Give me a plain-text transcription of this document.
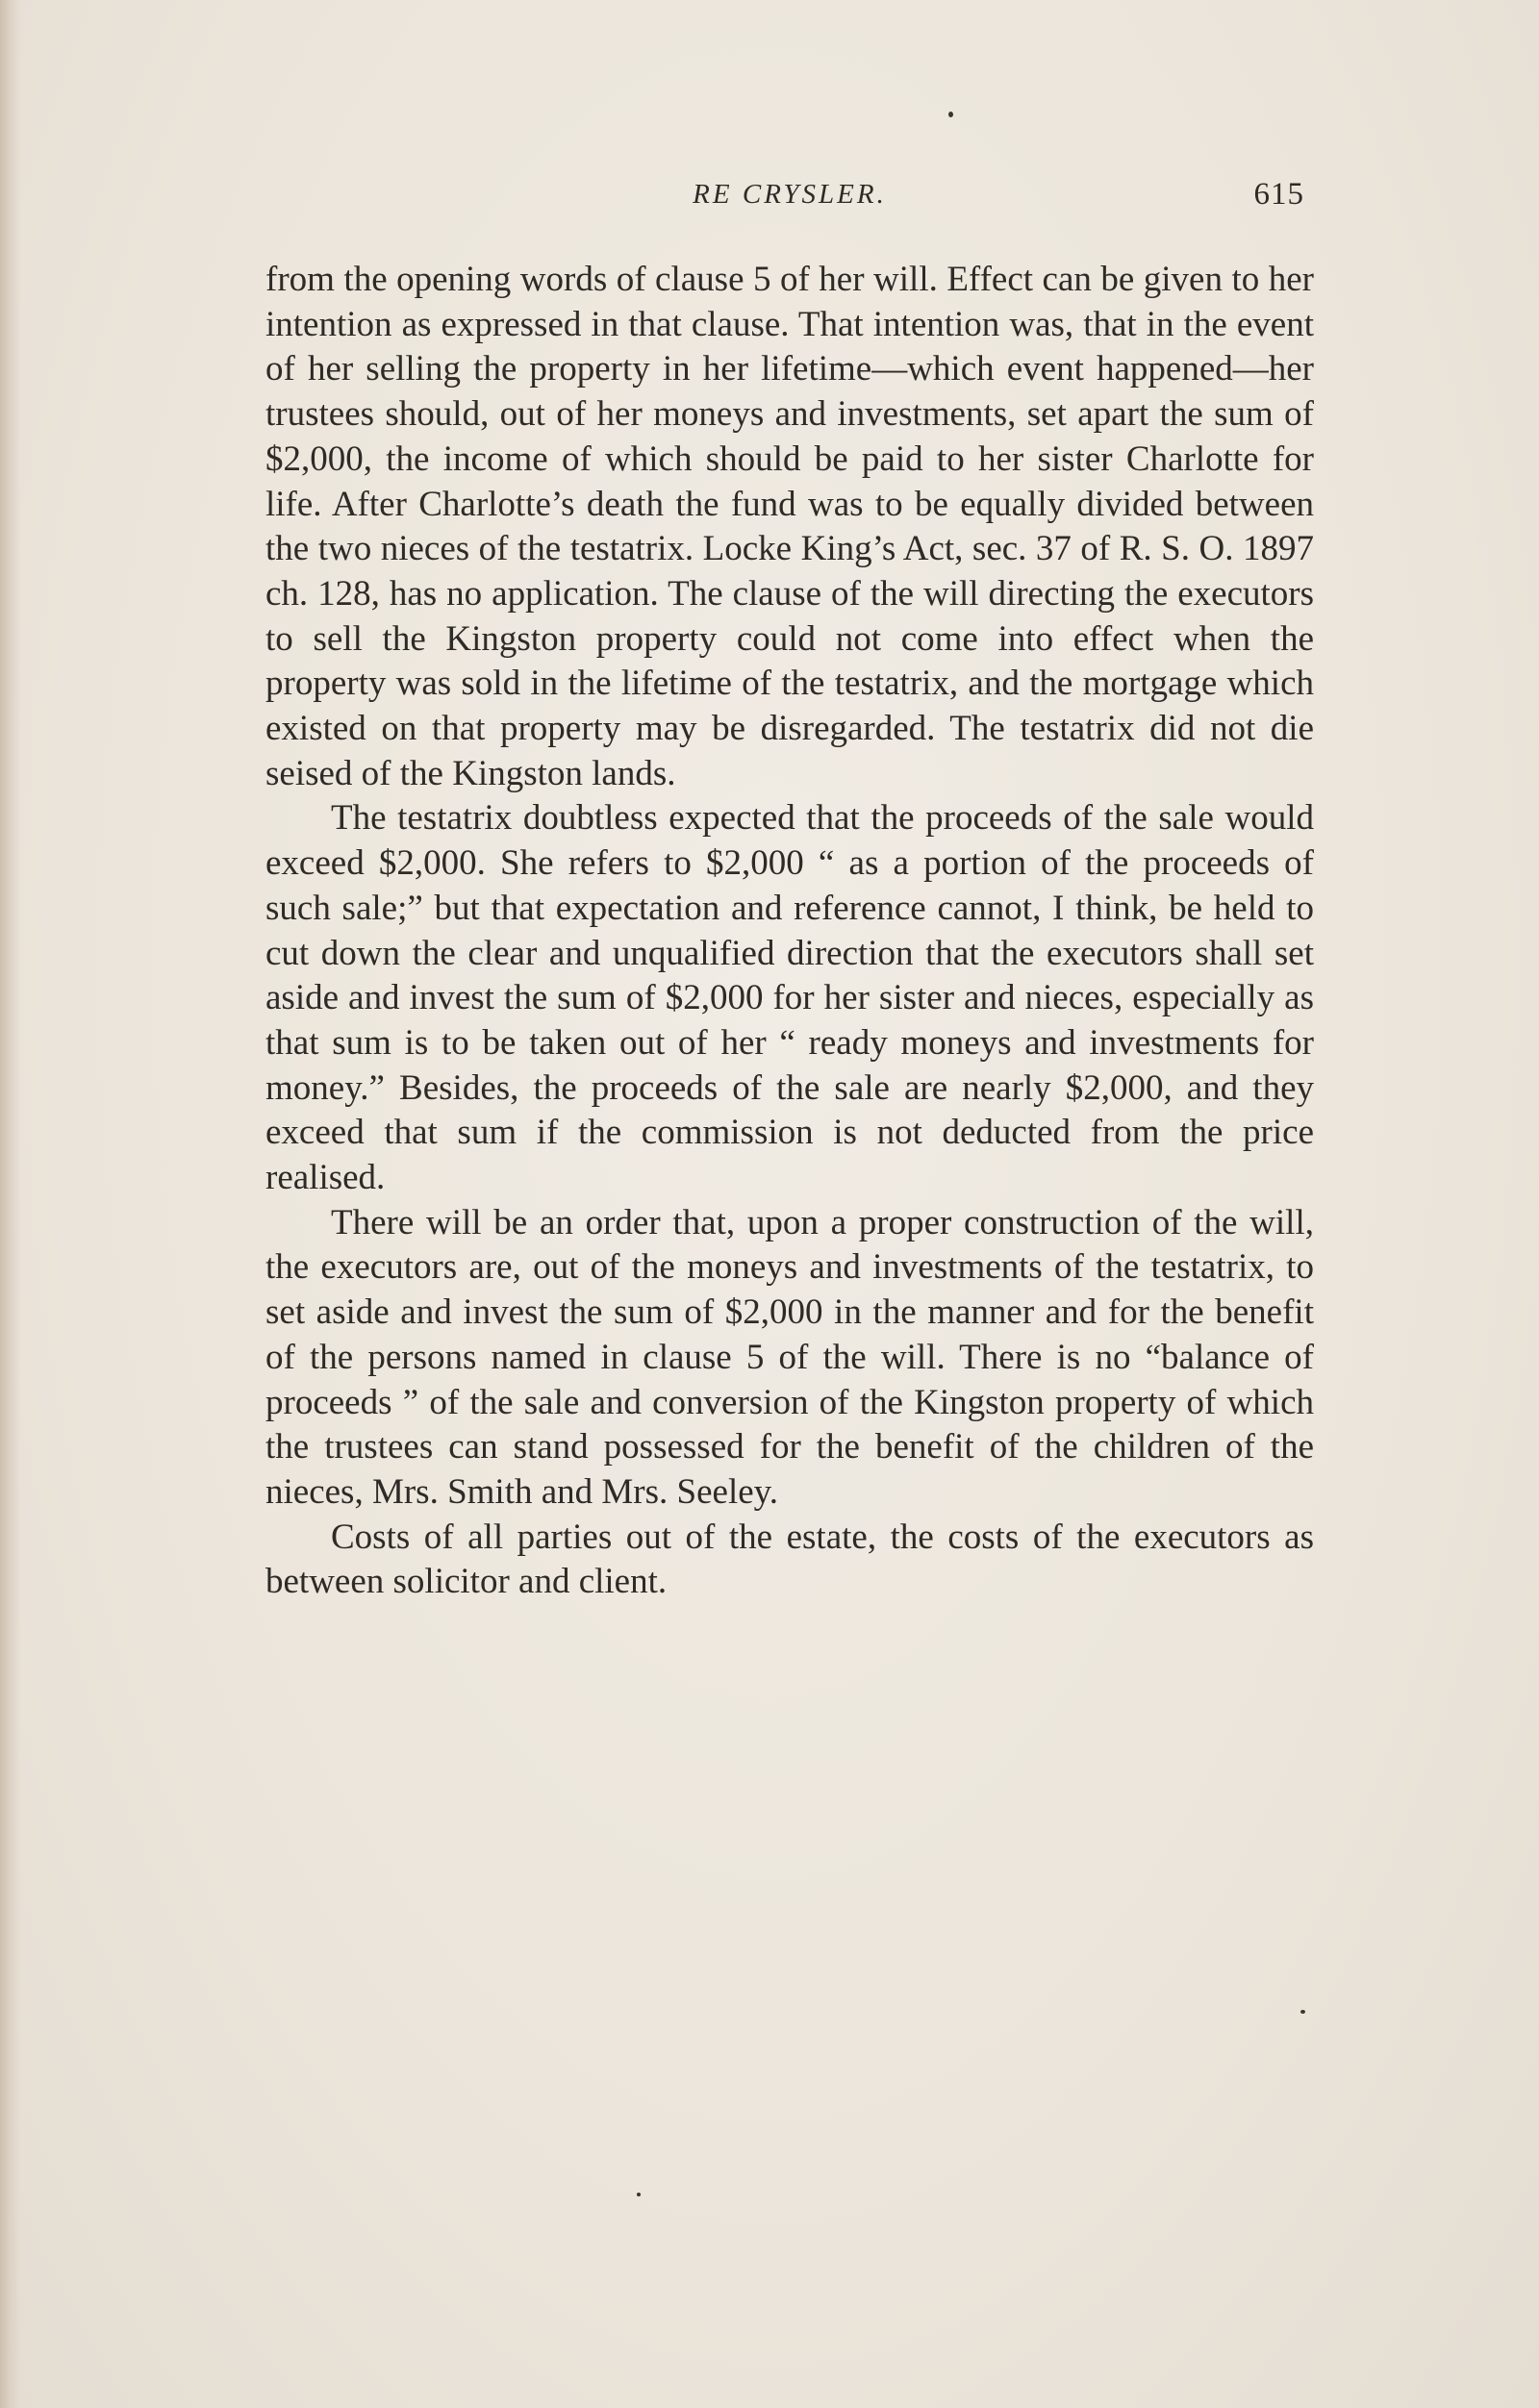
RE CRYSLER.	615

from the opening words of clause 5 of her will. Effect can be given to her intention as expressed in that clause. That intention was, that in the event of her selling the property in her lifetime—which event happened—her trustees should, out of her moneys and investments, set apart the sum of $2,000, the income of which should be paid to her sister Charlotte for life. After Charlotte’s death the fund was to be equally divided between the two nieces of the testatrix. Locke King’s Act, sec. 37 of R. S. O. 1897 ch. 128, has no application. The clause of the will directing the executors to sell the Kingston property could not come into effect when the property was sold in the lifetime of the testatrix, and the mortgage which existed on that property may be disregarded. The testatrix did not die seised of the Kingston lands.

The testatrix doubtless expected that the proceeds of the sale would exceed $2,000. She refers to $2,000 “ as a portion of the proceeds of such sale;” but that expectation and reference cannot, I think, be held to cut down the clear and unqualified direction that the executors shall set aside and invest the sum of $2,000 for her sister and nieces, especially as that sum is to be taken out of her “ ready moneys and investments for money.” Besides, the proceeds of the sale are nearly $2,000, and they exceed that sum if the commission is not deducted from the price realised.

There will be an order that, upon a proper construction of the will, the executors are, out of the moneys and investments of the testatrix, to set aside and invest the sum of $2,000 in the manner and for the benefit of the persons named in clause 5 of the will. There is no “balance of proceeds ” of the sale and conversion of the Kingston property of which the trustees can stand possessed for the benefit of the children of the nieces, Mrs. Smith and Mrs. Seeley.

Costs of all parties out of the estate, the costs of the executors as between solicitor and client.
